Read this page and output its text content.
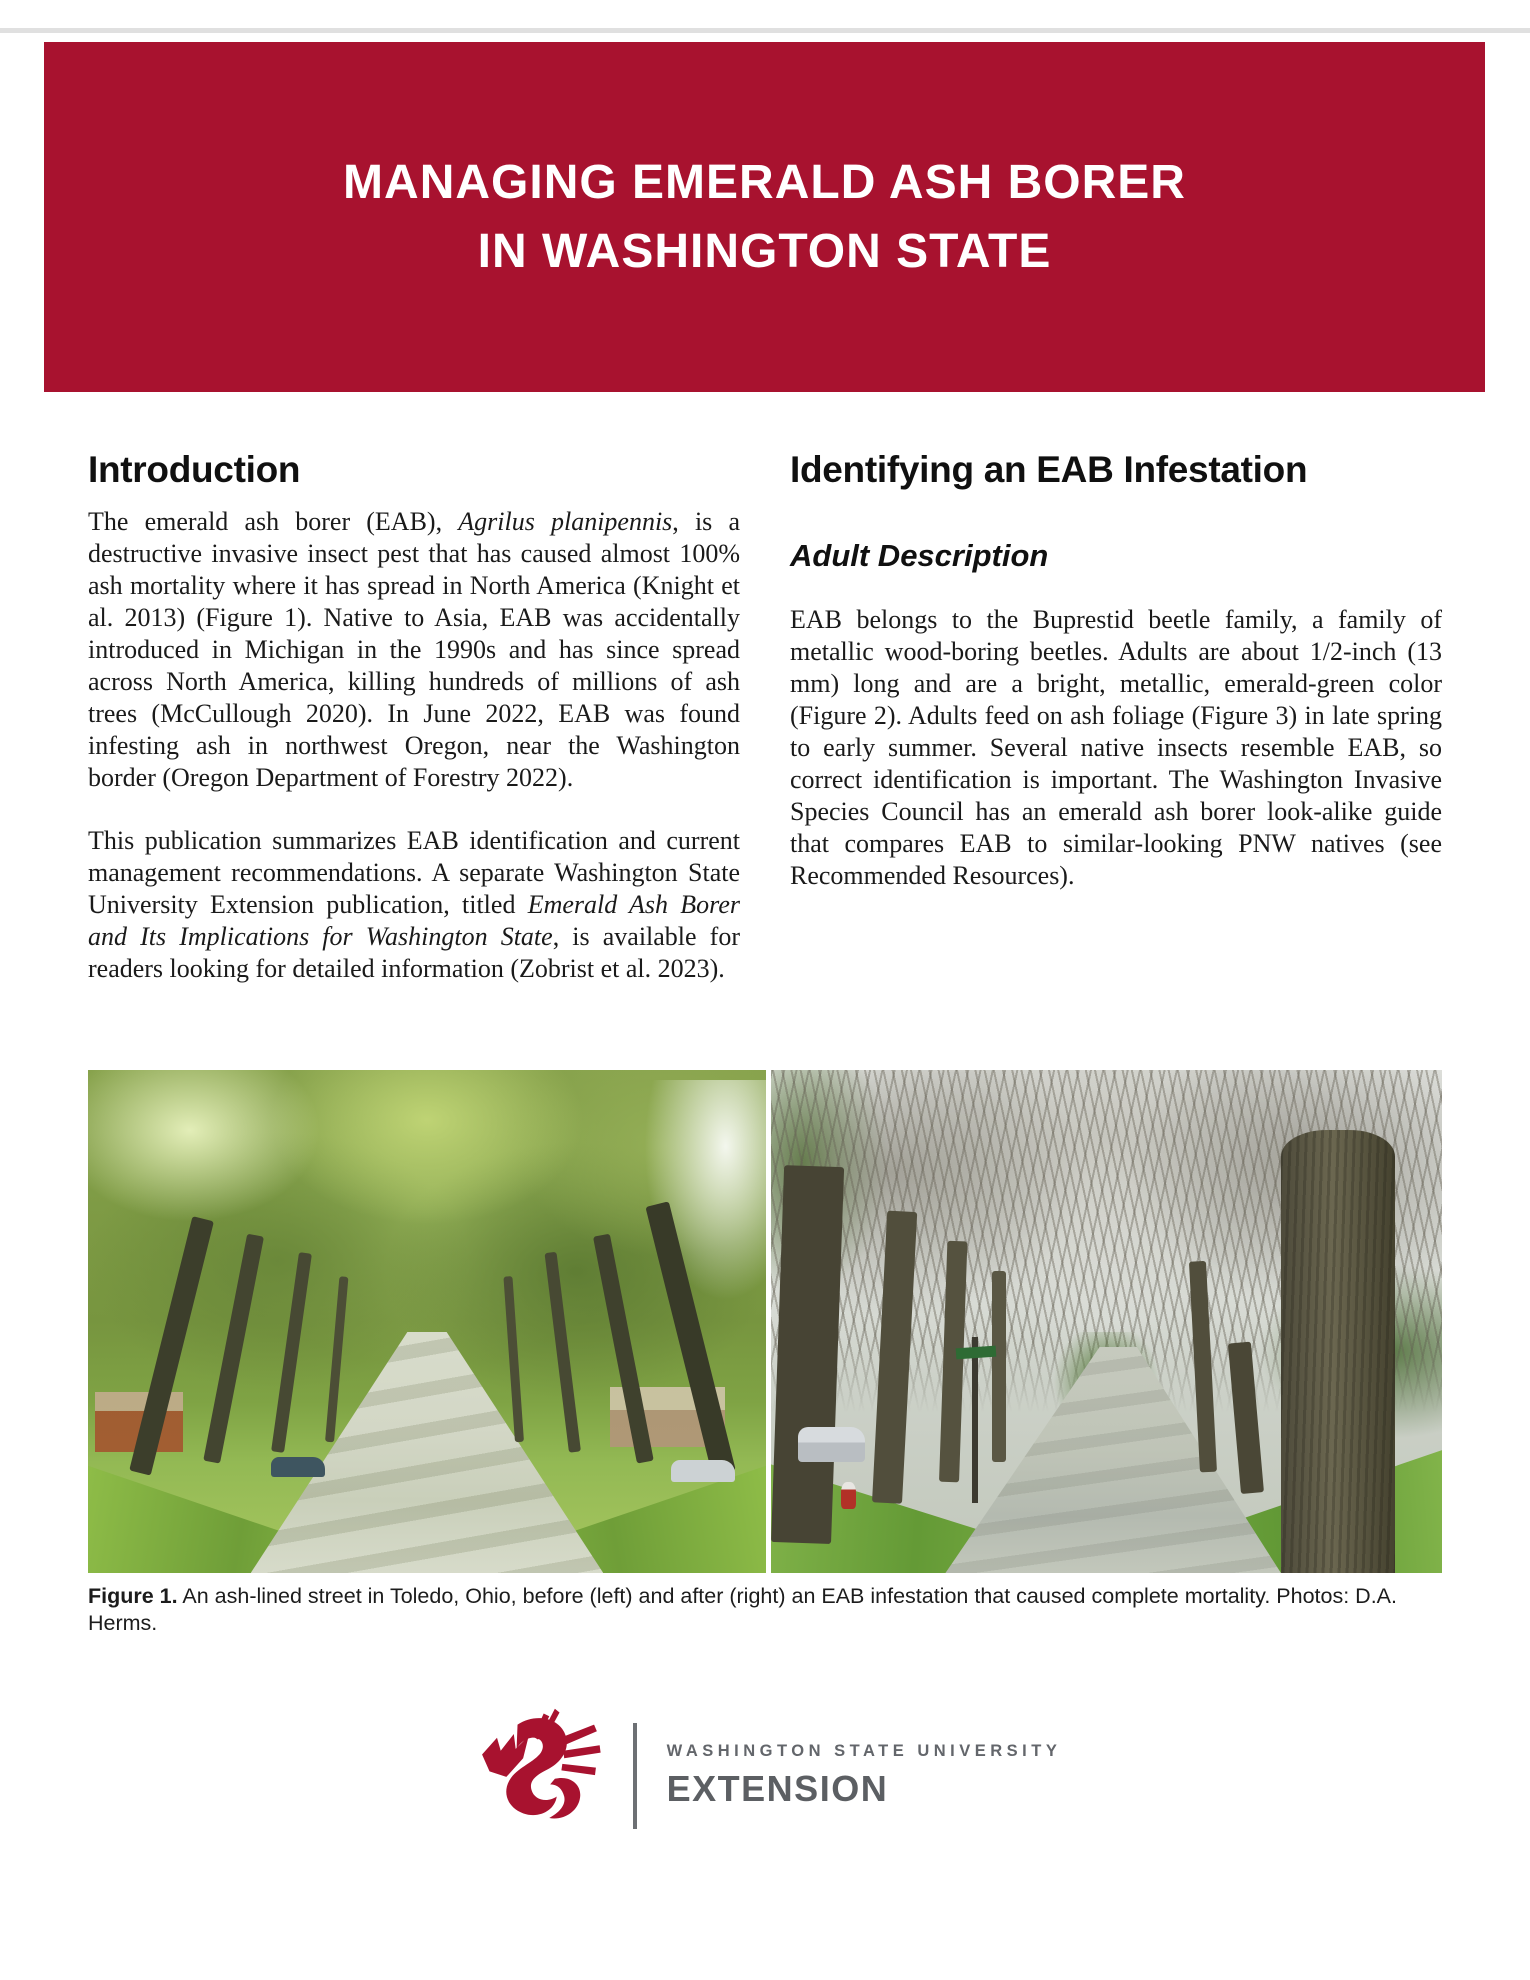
MANAGING EMERALD ASH BORER
IN WASHINGTON STATE
Introduction

The emerald ash borer (EAB), Agrilus planipennis, is a destructive invasive insect pest that has caused almost 100% ash mortality where it has spread in North America (Knight et al. 2013) (Figure 1). Native to Asia, EAB was accidentally introduced in Michigan in the 1990s and has since spread across North America, killing hundreds of millions of ash trees (McCullough 2020). In June 2022, EAB was found infesting ash in northwest Oregon, near the Washington border (Oregon Department of Forestry 2022).

This publication summarizes EAB identification and current management recommendations. A separate Washington State University Extension publication, titled Emerald Ash Borer and Its Implications for Washington State, is available for readers looking for detailed information (Zobrist et al. 2023).

Identifying an EAB Infestation
Adult Description

EAB belongs to the Buprestid beetle family, a family of metallic wood-boring beetles. Adults are about 1/2-inch (13 mm) long and are a bright, metallic, emerald-green color (Figure 2). Adults feed on ash foliage (Figure 3) in late spring to early summer. Several native insects resemble EAB, so correct identification is important. The Washington Invasive Species Council has an emerald ash borer look-alike guide that compares EAB to similar-looking PNW natives (see Recommended Resources).

Figure 1. An ash-lined street in Toledo, Ohio, before (left) and after (right) an EAB infestation that caused complete mortality. Photos: D.A. Herms.

WASHINGTON STATE UNIVERSITY
EXTENSION
